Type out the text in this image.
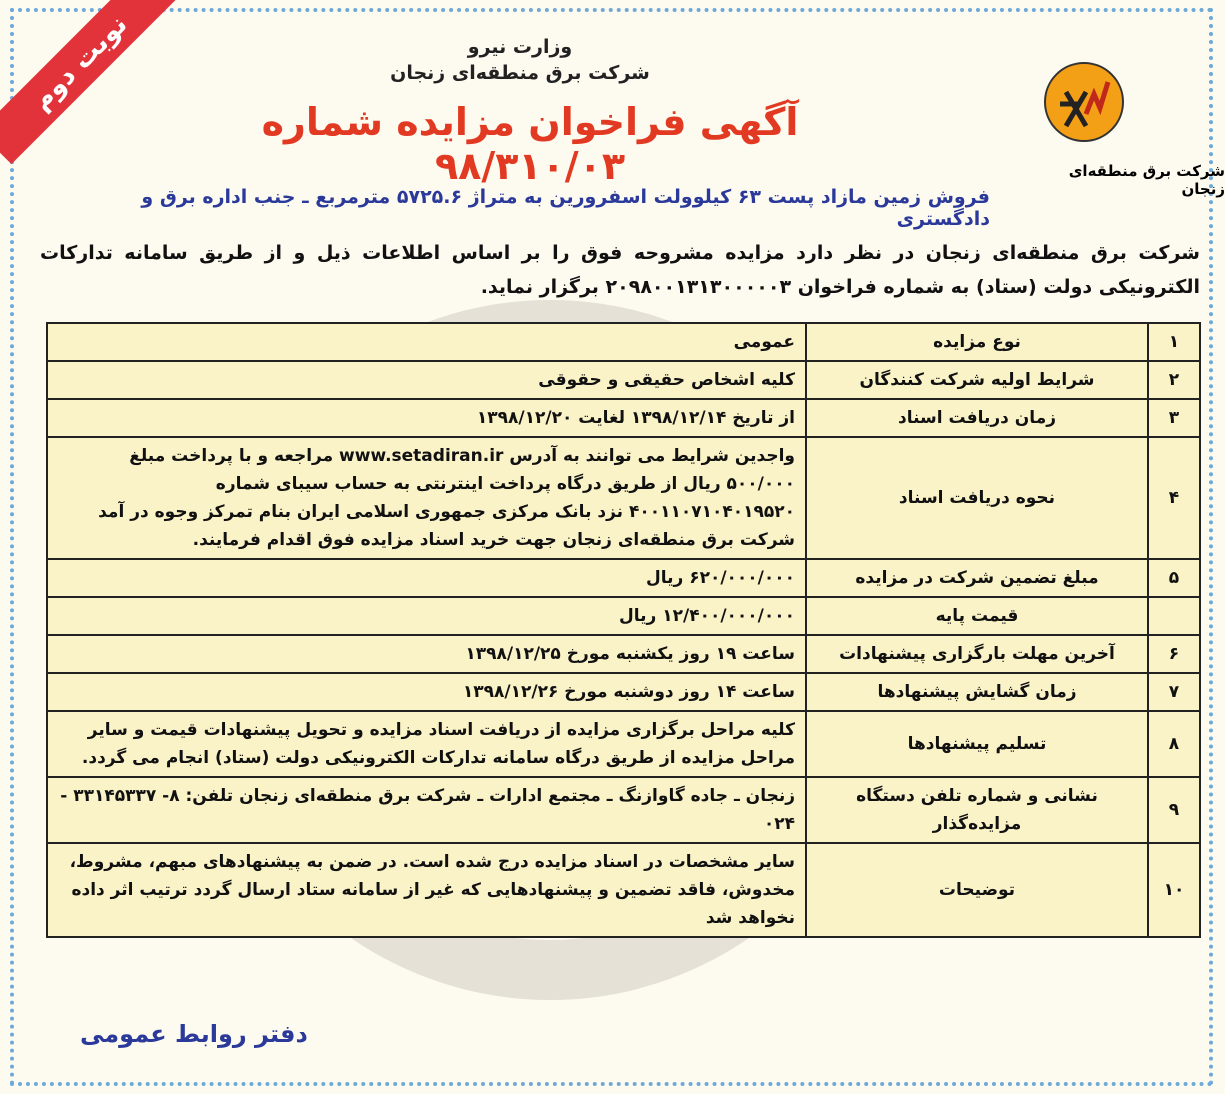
نوبت دوم	وزارت نیرو
شرکت برق منطقه‌ای زنجان
شرکت برق منطقه‌ای زنجان
آگهی فراخوان مزایده شماره ۹۸/۳۱۰/۰۳
فروش زمین مازاد پست ۶۳ کیلوولت اسفرورین به متراژ ۵۷۲۵.۶ مترمربع ـ جنب اداره برق و دادگستری
شرکت برق منطقه‌ای زنجان در نظر دارد مزایده مشروحه فوق را بر اساس اطلاعات ذیل و از طریق سامانه تدارکات الکترونیکی دولت (ستاد) به شماره فراخوان ۲۰۹۸۰۰۱۳۱۳۰۰۰۰۰۳ برگزار نماید.
۱	نوع مزایده	عمومی
۲	شرایط اولیه شرکت کنندگان	کلیه اشخاص حقیقی و حقوقی
۳	زمان دریافت اسناد	از تاریخ ۱۳۹۸/۱۲/۱۴ لغایت ۱۳۹۸/۱۲/۲۰
۴	نحوه دریافت اسناد	واجدین شرایط می توانند به آدرس www.setadiran.ir مراجعه و با پرداخت مبلغ ۵۰۰/۰۰۰ ریال از طریق درگاه پرداخت اینترنتی به حساب سیبای شماره ۴۰۰۱۱۰۷۱۰۴۰۱۹۵۲۰ نزد بانک مرکزی جمهوری اسلامی ایران بنام تمرکز وجوه در آمد شرکت برق منطقه‌ای زنجان جهت خرید اسناد مزایده فوق اقدام فرمایند.
۵	مبلغ تضمین شرکت در مزایده	۶۲۰/۰۰۰/۰۰۰ ریال
	قیمت پایه	۱۲/۴۰۰/۰۰۰/۰۰۰ ریال
۶	آخرین مهلت بارگزاری پیشنهادات	ساعت ۱۹ روز یکشنبه مورخ ۱۳۹۸/۱۲/۲۵
۷	زمان گشایش پیشنهادها	ساعت ۱۴ روز دوشنبه مورخ ۱۳۹۸/۱۲/۲۶
۸	تسلیم پیشنهادها	کلیه مراحل برگزاری مزایده از دریافت اسناد مزایده و تحویل پیشنهادات قیمت و سایر مراحل مزایده از طریق درگاه سامانه تدارکات الکترونیکی دولت (ستاد) انجام می گردد.
۹	نشانی و شماره تلفن دستگاه مزایده‌گذار	زنجان ـ جاده گاوازنگ ـ مجتمع ادارات ـ شرکت برق منطقه‌ای زنجان تلفن: ۸- ۳۳۱۴۵۳۳۷ - ۰۲۴
۱۰	توضیحات	سایر مشخصات در اسناد مزایده درج شده است. در ضمن به پیشنهادهای مبهم، مشروط، مخدوش، فاقد تضمین و پیشنهادهایی که غیر از سامانه ستاد ارسال گردد ترتیب اثر داده نخواهد شد
دفتر روابط عمومی
